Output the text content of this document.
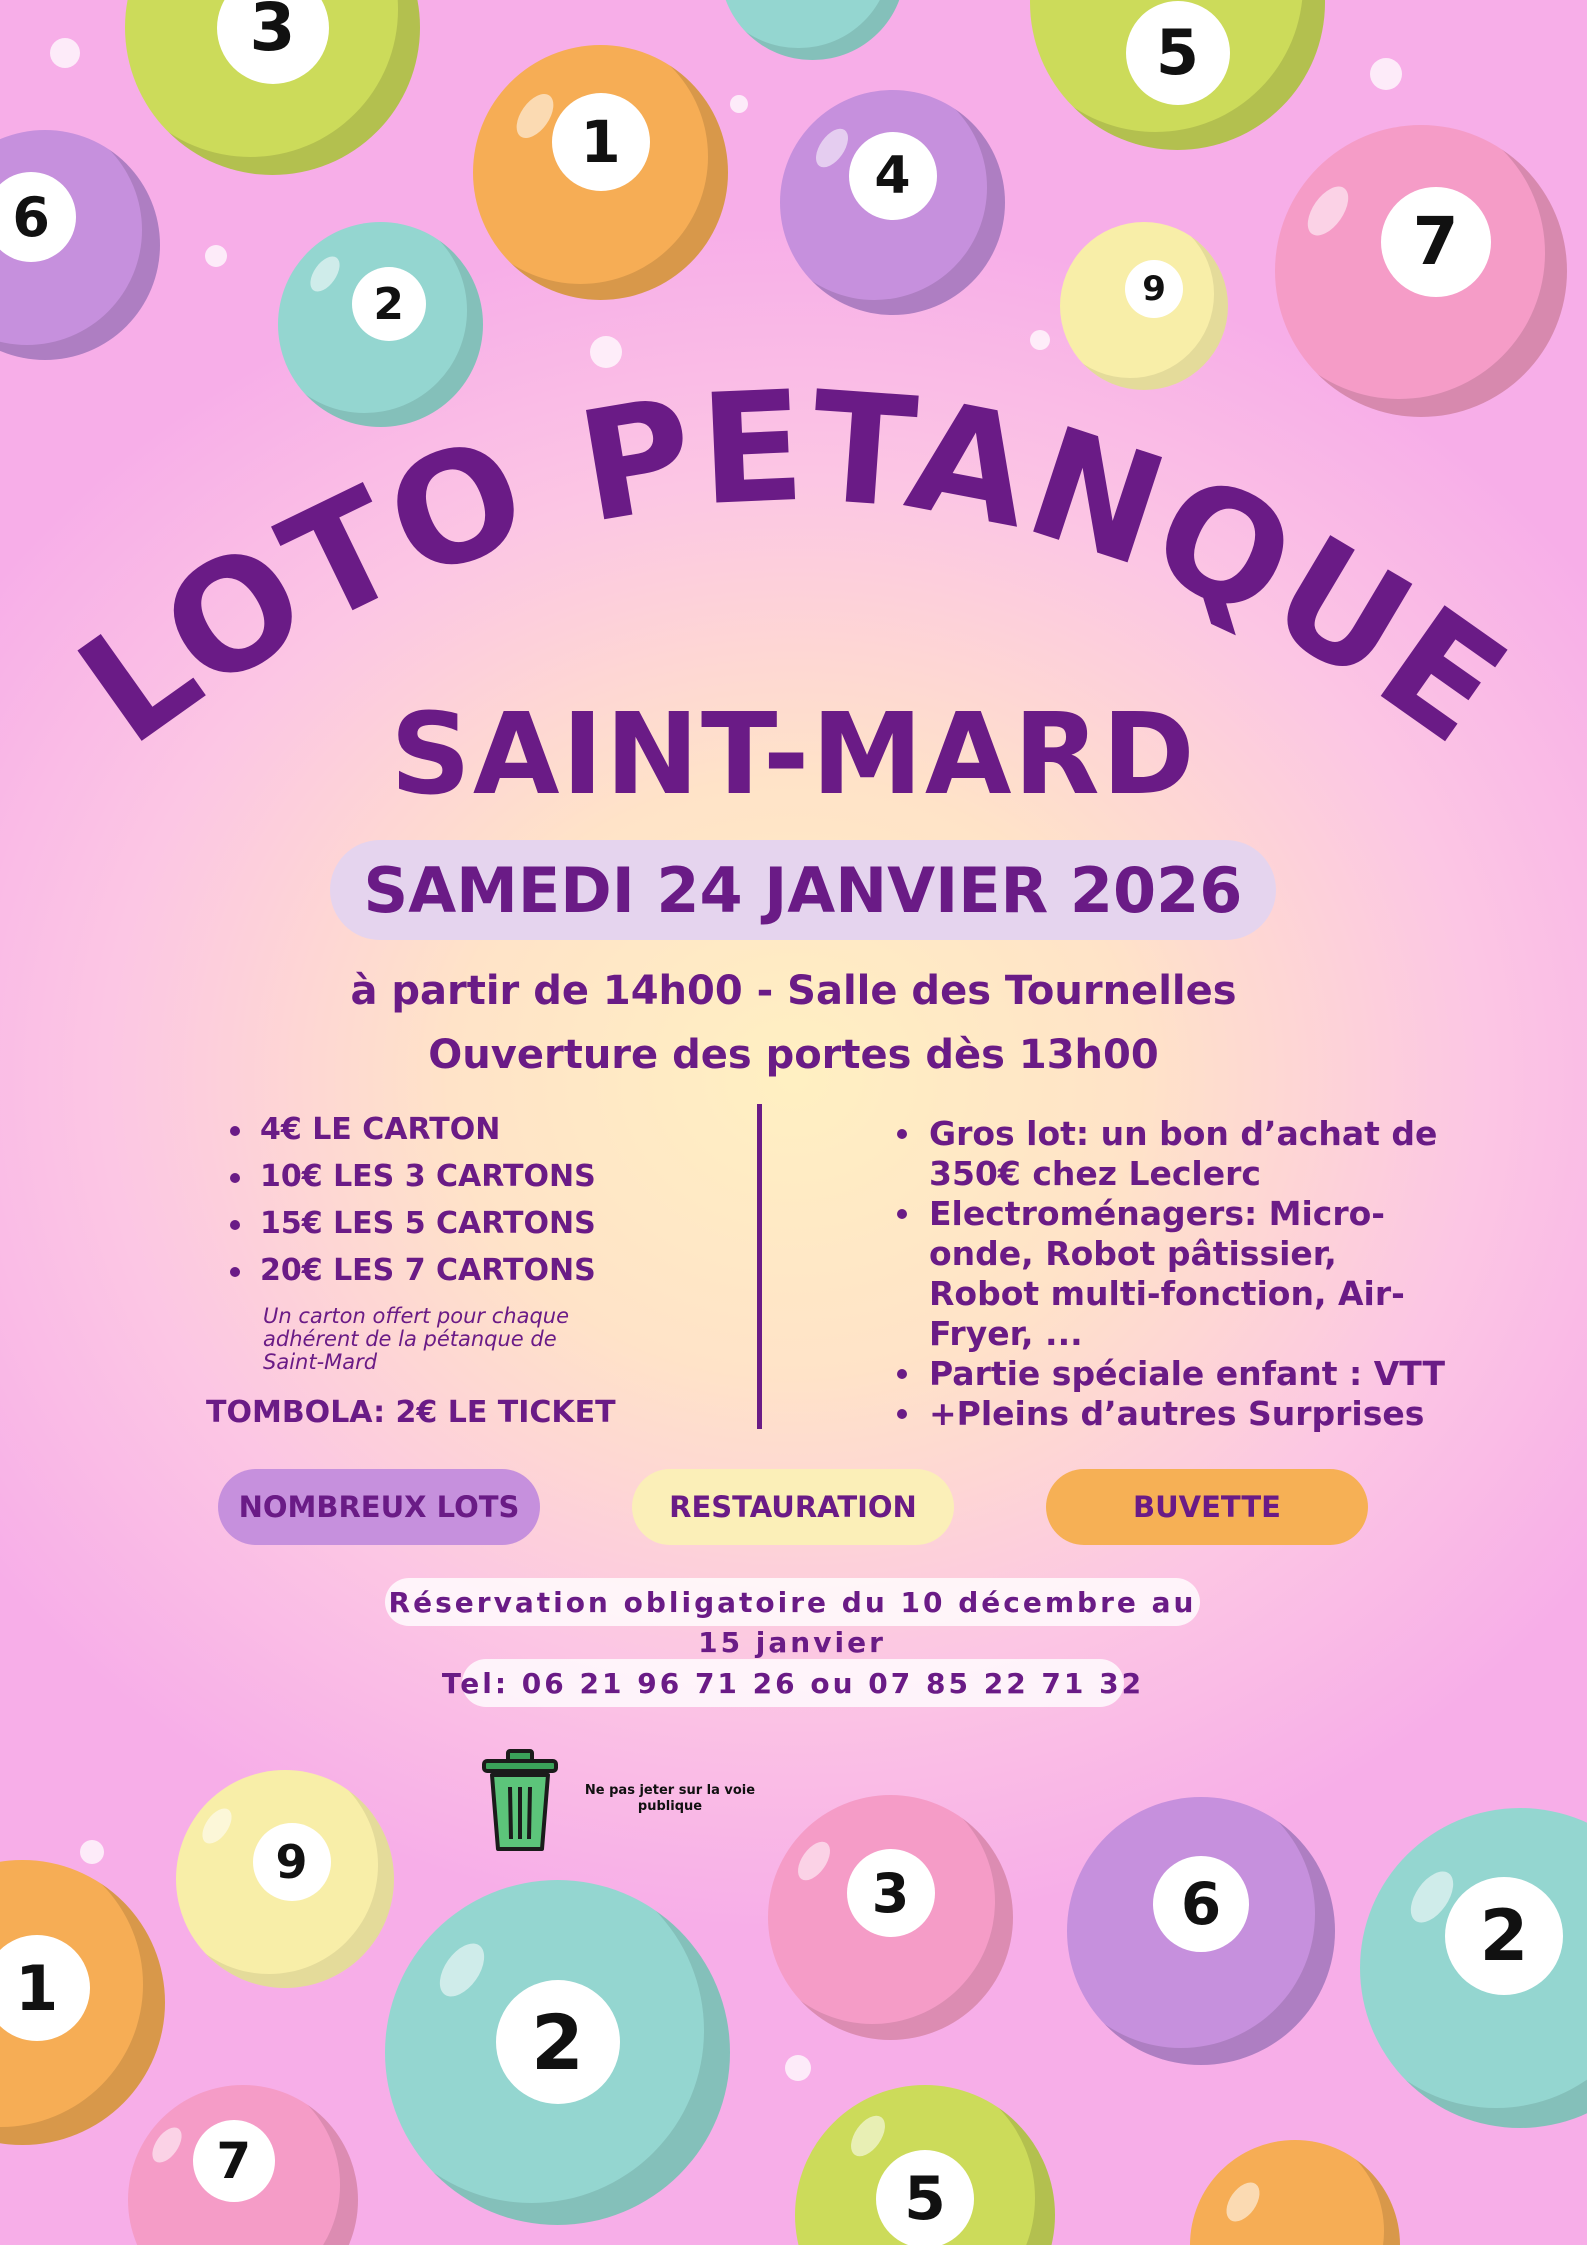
3	5
1	4
6	7
2	9
LOTO PETANQUE
SAINT-MARD
SAMEDI 24 JANVIER 2026
à partir de 14h00 - Salle des Tournelles
Ouverture des portes dès 13h00
4€ LE CARTON
10€ LES 3 CARTONS
15€ LES 5 CARTONS
20€ LES 7 CARTONS
Un carton offert pour chaque adhérent de la pétanque de Saint-Mard
TOMBOLA: 2€ LE TICKET
Gros lot: un bon d’achat de 350€ chez Leclerc
Electroménagers: Micro-onde, Robot pâtissier, Robot multi-fonction, Air-Fryer, ...
Partie spéciale enfant : VTT
+Pleins d’autres Surprises
NOMBREUX LOTS	RESTAURATION	BUVETTE
Réservation obligatoire du 10 décembre au
15 janvier
Tel: 06 21 96 71 26 ou 07 85 22 71 32
Ne pas jeter sur la voie publique
9	3	6
2
1
2
7
5
